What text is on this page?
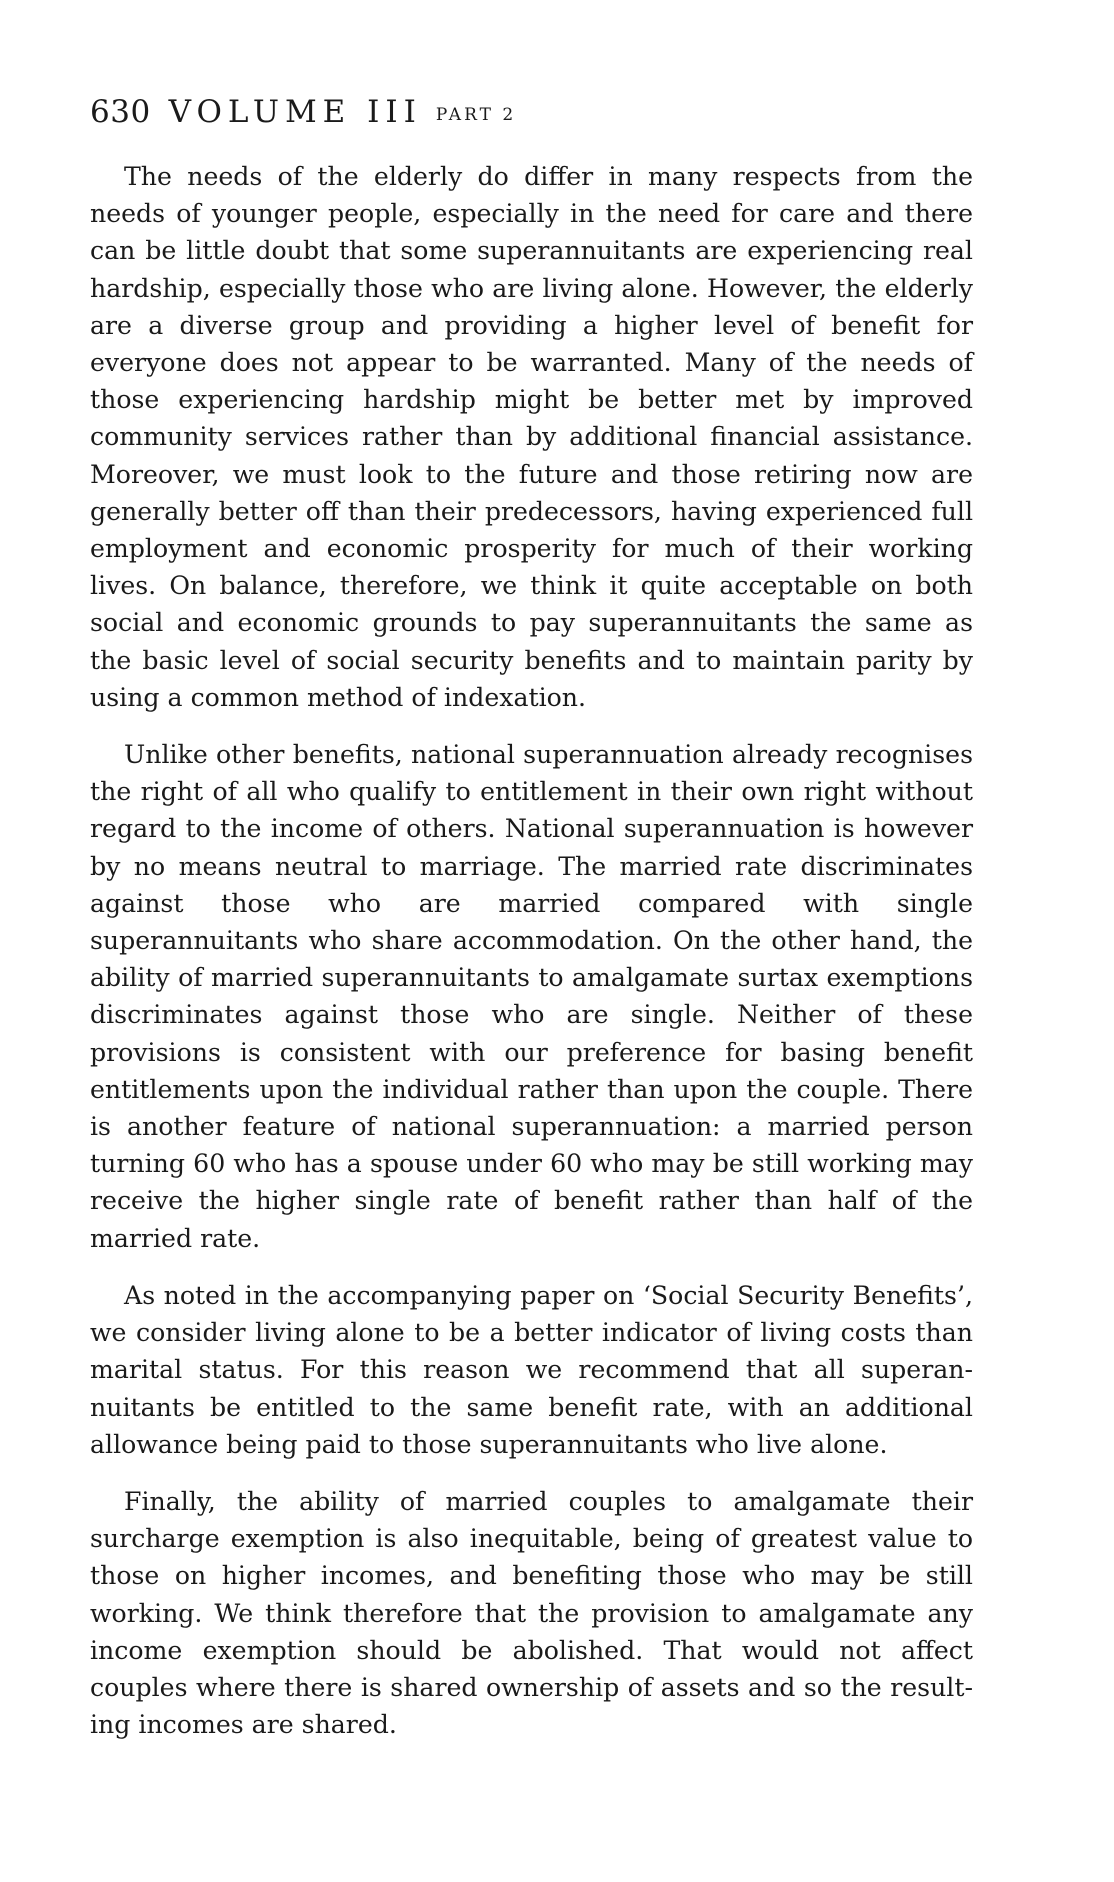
630 VOLUME III PART 2

The needs of the elderly do differ in many respects from the needs of younger people, especially in the need for care and there can be little doubt that some superannuitants are experiencing real hardship, especially those who are living alone. However, the elderly are a diverse group and providing a higher level of benefit for everyone does not appear to be warranted. Many of the needs of those experiencing hardship might be better met by improved community services rather than by additional financial assistance. Moreover, we must look to the future and those retiring now are generally better off than their predecessors, having experienced full employment and economic prosperity for much of their working lives. On balance, therefore, we think it quite acceptable on both social and economic grounds to pay superannuitants the same as the basic level of social security benefits and to maintain parity by using a common method of indexation.

Unlike other benefits, national superannuation already recognises the right of all who qualify to entitlement in their own right without regard to the income of others. National superannuation is however by no means neutral to marriage. The married rate discriminates against those who are married compared with single superannuitants who share accommodation. On the other hand, the ability of married superannuitants to amalgamate surtax exemptions discriminates against those who are single. Neither of these provisions is consistent with our preference for basing benefit entitlements upon the individual rather than upon the couple. There is another feature of national superannuation: a married person turning 60 who has a spouse under 60 who may be still working may receive the higher single rate of benefit rather than half of the married rate.

As noted in the accompanying paper on ‘Social Security Benefits’, we consider living alone to be a better indicator of living costs than marital status. For this reason we recommend that all superannuitants be entitled to the same benefit rate, with an additional allowance being paid to those superannuitants who live alone.

Finally, the ability of married couples to amalgamate their surcharge exemption is also inequitable, being of greatest value to those on higher incomes, and benefiting those who may be still working. We think therefore that the provision to amalgamate any income exemption should be abolished. That would not affect couples where there is shared ownership of assets and so the resulting incomes are shared.
